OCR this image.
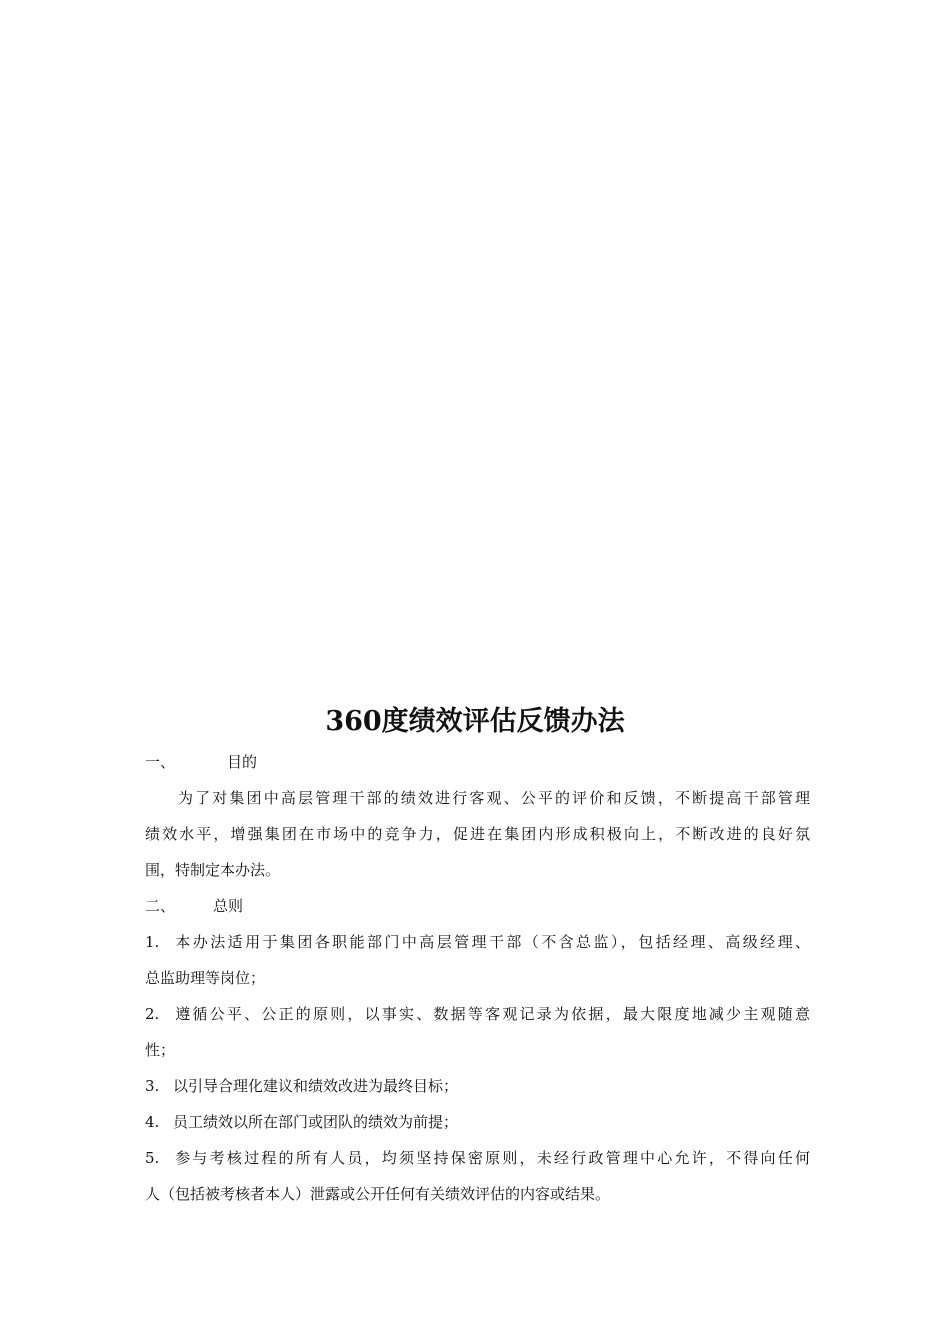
360度绩效评估反馈办法
一、	目的
为了对集团中高层管理干部的绩效进行客观、公平的评价和反馈，不断提高干部管理
绩效水平，增强集团在市场中的竞争力，促进在集团内形成积极向上，不断改进的良好氛
围，特制定本办法。
二、	总则
1. 本办法适用于集团各职能部门中高层管理干部（不含总监），包括经理、高级经理、
总监助理等岗位；
2. 遵循公平、公正的原则，以事实、数据等客观记录为依据，最大限度地减少主观随意
性；
3. 以引导合理化建议和绩效改进为最终目标；
4. 员工绩效以所在部门或团队的绩效为前提；
5. 参与考核过程的所有人员，均须坚持保密原则，未经行政管理中心允许，不得向任何
人（包括被考核者本人）泄露或公开任何有关绩效评估的内容或结果。
